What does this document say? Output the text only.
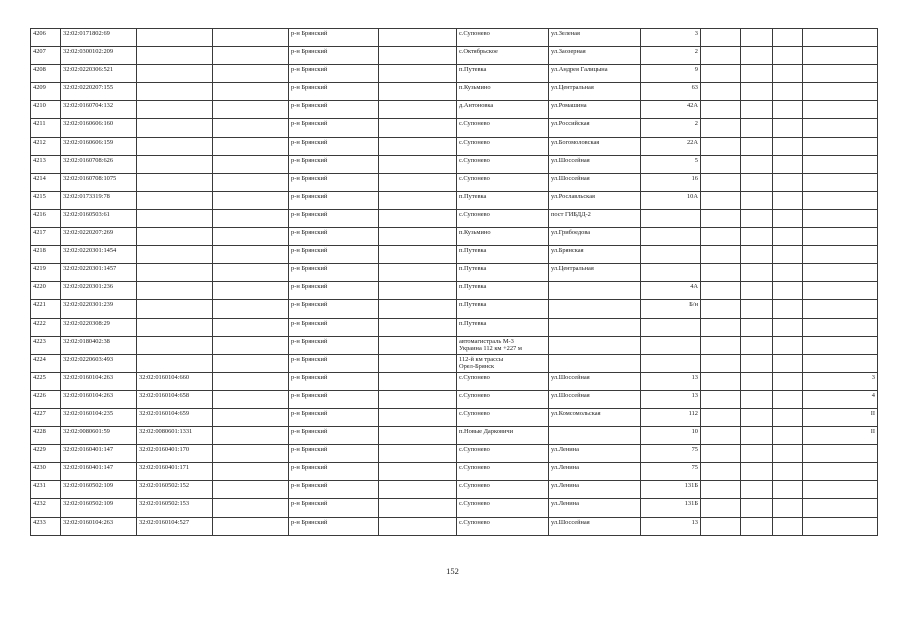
4206	32:02:0171802:69			р-н Брянский		с.Супонево	ул.Зеленая	3				
4207	32:02:0300102:209			р-н Брянский		с.Октябрьское	ул.Заозерная	2				
4208	32:02:0220306:521			р-н Брянский		п.Путевка	ул.Андрея Галицына	9				
4209	32:02:0220207:155			р-н Брянский		п.Кузьмино	ул.Центральная	63				
4210	32:02:0160704:132			р-н Брянский		д.Антоновка	ул.Ромашина	42А				
4211	32:02:0160606:160			р-н Брянский		с.Супонево	ул.Российская	2				
4212	32:02:0160606:159			р-н Брянский		с.Супонево	ул.Богомоловская	22А				
4213	32:02:0160708:626			р-н Брянский		с.Супонево	ул.Шоссейная	5				
4214	32:02:0160708:1075			р-н Брянский		с.Супонево	ул.Шоссейная	16				
4215	32:02:0173319:78			р-н Брянский		п.Путевка	ул.Рославльская	10А				
4216	32:02:0160503:61			р-н Брянский		с.Супонево	пост ГИБДД-2					
4217	32:02:0220207:269			р-н Брянский		п.Кузьмино	ул.Грибоедова					
4218	32:02:0220301:1454			р-н Брянский		п.Путевка	ул.Брянская					
4219	32:02:0220301:1457			р-н Брянский		п.Путевка	ул.Центральная					
4220	32:02:0220301:236			р-н Брянский		п.Путевка		4А				
4221	32:02:0220301:239			р-н Брянский		п.Путевка		Б/н				
4222	32:02:0220308:29			р-н Брянский		п.Путевка						
4223	32:02:0180402:38			р-н Брянский		автомагистраль М-3
Украина 112 км +227 м						
4224	32:02:0220603:493			р-н Брянский		112-й км трассы
Орел-Брянск						
4225	32:02:0160104:263	32:02:0160104:660		р-н Брянский		с.Супонево	ул.Шоссейная	13				3
4226	32:02:0160104:263	32:02:0160104:658		р-н Брянский		с.Супонево	ул.Шоссейная	13				4
4227	32:02:0160104:235	32:02:0160104:659		р-н Брянский		с.Супонево	ул.Комсомольская	112				II
4228	32:02:0080601:59	32:02:0080601:1331		р-н Брянский		п.Новые Дарковичи		10				II
4229	32:02:0160401:147	32:02:0160401:170		р-н Брянский		с.Супонево	ул.Ленина	75				
4230	32:02:0160401:147	32:02:0160401:171		р-н Брянский		с.Супонево	ул.Ленина	75				
4231	32:02:0160502:109	32:02:0160502:152		р-н Брянский		с.Супонево	ул.Ленина	131Б				
4232	32:02:0160502:109	32:02:0160502:153		р-н Брянский		с.Супонево	ул.Ленина	131Б				
4233	32:02:0160104:263	32:02:0160104:527		р-н Брянский		с.Супонево	ул.Шоссейная	13				
152
